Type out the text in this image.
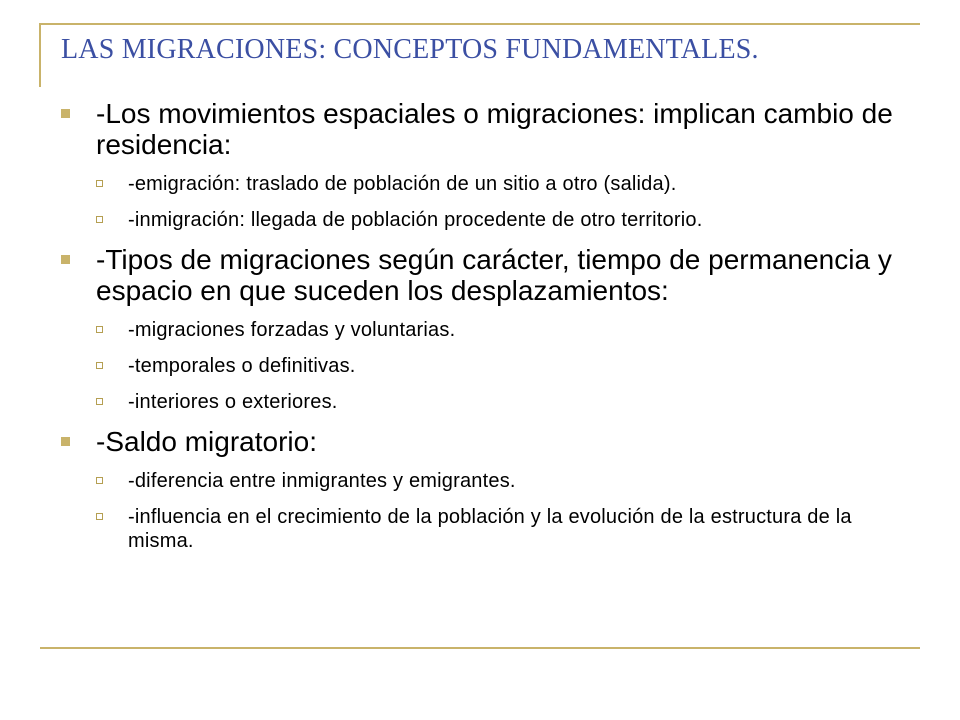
LAS MIGRACIONES: CONCEPTOS FUNDAMENTALES.
-Los movimientos espaciales o migraciones: implican cambio de residencia:
-emigración: traslado de población de un sitio a otro (salida).
-inmigración: llegada de población procedente de otro territorio.
-Tipos de migraciones según carácter, tiempo de permanencia y espacio en que suceden los desplazamientos:
-migraciones forzadas y voluntarias.
-temporales o definitivas.
-interiores o exteriores.
-Saldo migratorio:
-diferencia entre inmigrantes y emigrantes.
-influencia en el crecimiento de la población y la evolución de la estructura de la misma.
